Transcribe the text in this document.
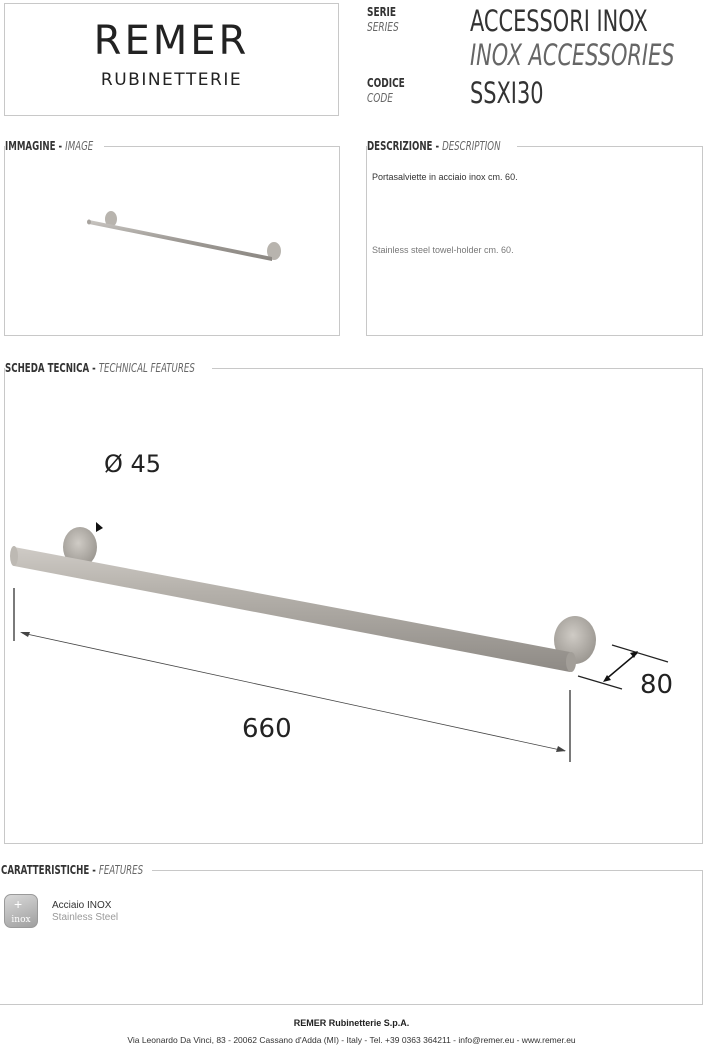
REMER
RUBINETTERIE
SERIE
SERIES	ACCESSORI INOX
INOX ACCESSORIES
CODICE
CODE	SSXI30
IMMAGINE - IMAGE	DESCRIZIONE - DESCRIPTION
Portasalviette in acciaio inox cm. 60.
Stainless steel towel-holder cm. 60.
SCHEDA TECNICA - TECHNICAL FEATURES
Ø 45
660
80
CARATTERISTICHE - FEATURES
+
inox
Acciaio INOX
Stainless Steel
REMER Rubinetterie S.p.A.
Via Leonardo Da Vinci, 83 - 20062 Cassano d'Adda (MI) - Italy - Tel. +39 0363 364211 - info@remer.eu - www.remer.eu
